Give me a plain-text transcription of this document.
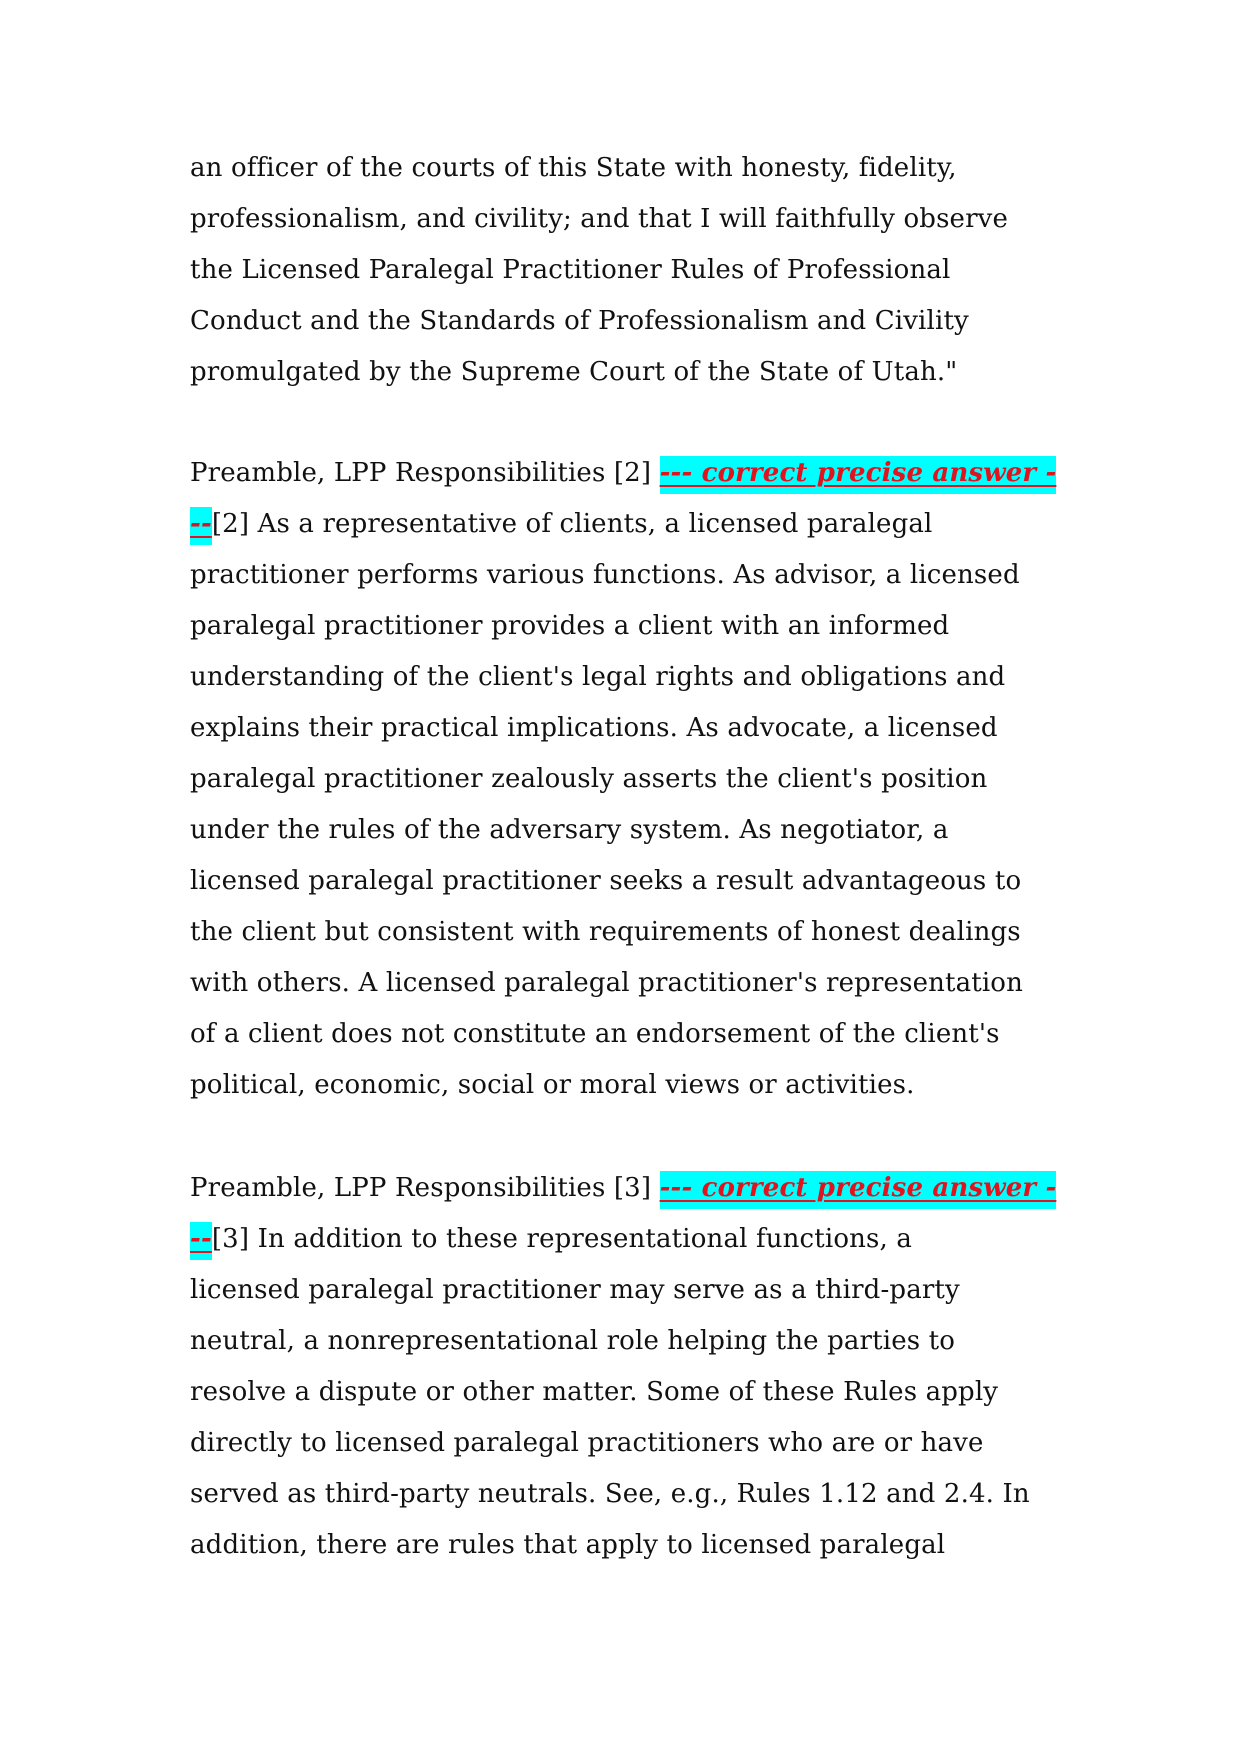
an officer of the courts of this State with honesty, fidelity,
professionalism, and civility; and that I will faithfully observe
the Licensed Paralegal Practitioner Rules of Professional
Conduct and the Standards of Professionalism and Civility
promulgated by the Supreme Court of the State of Utah."
Preamble, LPP Responsibilities [2] --- correct precise answer -
--[2] As a representative of clients, a licensed paralegal
practitioner performs various functions. As advisor, a licensed
paralegal practitioner provides a client with an informed
understanding of the client's legal rights and obligations and
explains their practical implications. As advocate, a licensed
paralegal practitioner zealously asserts the client's position
under the rules of the adversary system. As negotiator, a
licensed paralegal practitioner seeks a result advantageous to
the client but consistent with requirements of honest dealings
with others. A licensed paralegal practitioner's representation
of a client does not constitute an endorsement of the client's
political, economic, social or moral views or activities.
Preamble, LPP Responsibilities [3] --- correct precise answer -
--[3] In addition to these representational functions, a
licensed paralegal practitioner may serve as a third-party
neutral, a nonrepresentational role helping the parties to
resolve a dispute or other matter. Some of these Rules apply
directly to licensed paralegal practitioners who are or have
served as third-party neutrals. See, e.g., Rules 1.12 and 2.4. In
addition, there are rules that apply to licensed paralegal
